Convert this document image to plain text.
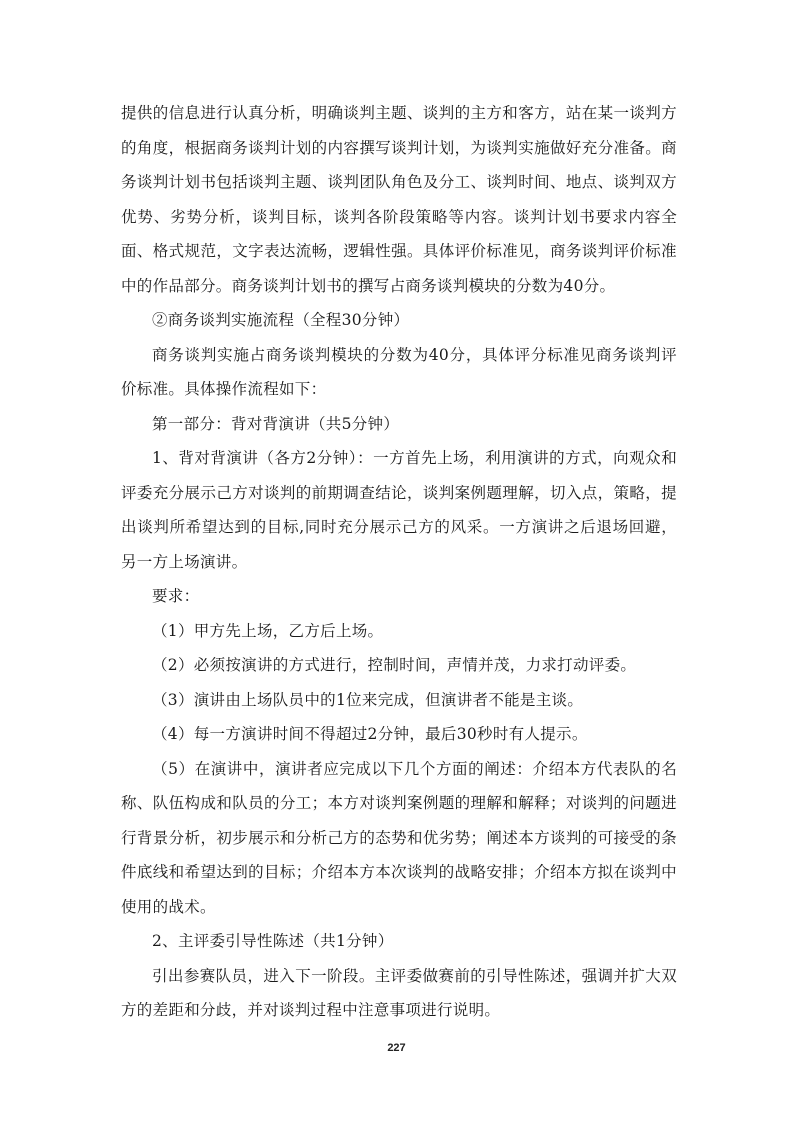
提供的信息进行认真分析，明确谈判主题、谈判的主方和客方，站在某一谈判方的角度，根据商务谈判计划的内容撰写谈判计划，为谈判实施做好充分准备。商务谈判计划书包括谈判主题、谈判团队角色及分工、谈判时间、地点、谈判双方优势、劣势分析，谈判目标，谈判各阶段策略等内容。谈判计划书要求内容全面、格式规范，文字表达流畅，逻辑性强。具体评价标准见，商务谈判评价标准中的作品部分。商务谈判计划书的撰写占商务谈判模块的分数为40分。

②商务谈判实施流程（全程30分钟）

商务谈判实施占商务谈判模块的分数为40分，具体评分标准见商务谈判评价标准。具体操作流程如下：

第一部分：背对背演讲（共5分钟）

1、背对背演讲（各方2分钟）：一方首先上场，利用演讲的方式，向观众和评委充分展示己方对谈判的前期调查结论，谈判案例题理解，切入点，策略，提出谈判所希望达到的目标,同时充分展示己方的风采。一方演讲之后退场回避，另一方上场演讲。

要求：

（1）甲方先上场，乙方后上场。

（2）必须按演讲的方式进行，控制时间，声情并茂，力求打动评委。

（3）演讲由上场队员中的1位来完成，但演讲者不能是主谈。

（4）每一方演讲时间不得超过2分钟，最后30秒时有人提示。

（5）在演讲中，演讲者应完成以下几个方面的阐述：介绍本方代表队的名称、队伍构成和队员的分工；本方对谈判案例题的理解和解释；对谈判的问题进行背景分析，初步展示和分析己方的态势和优劣势；阐述本方谈判的可接受的条件底线和希望达到的目标；介绍本方本次谈判的战略安排；介绍本方拟在谈判中使用的战术。

2、主评委引导性陈述（共1分钟）

引出参赛队员，进入下一阶段。主评委做赛前的引导性陈述，强调并扩大双方的差距和分歧，并对谈判过程中注意事项进行说明。

227
